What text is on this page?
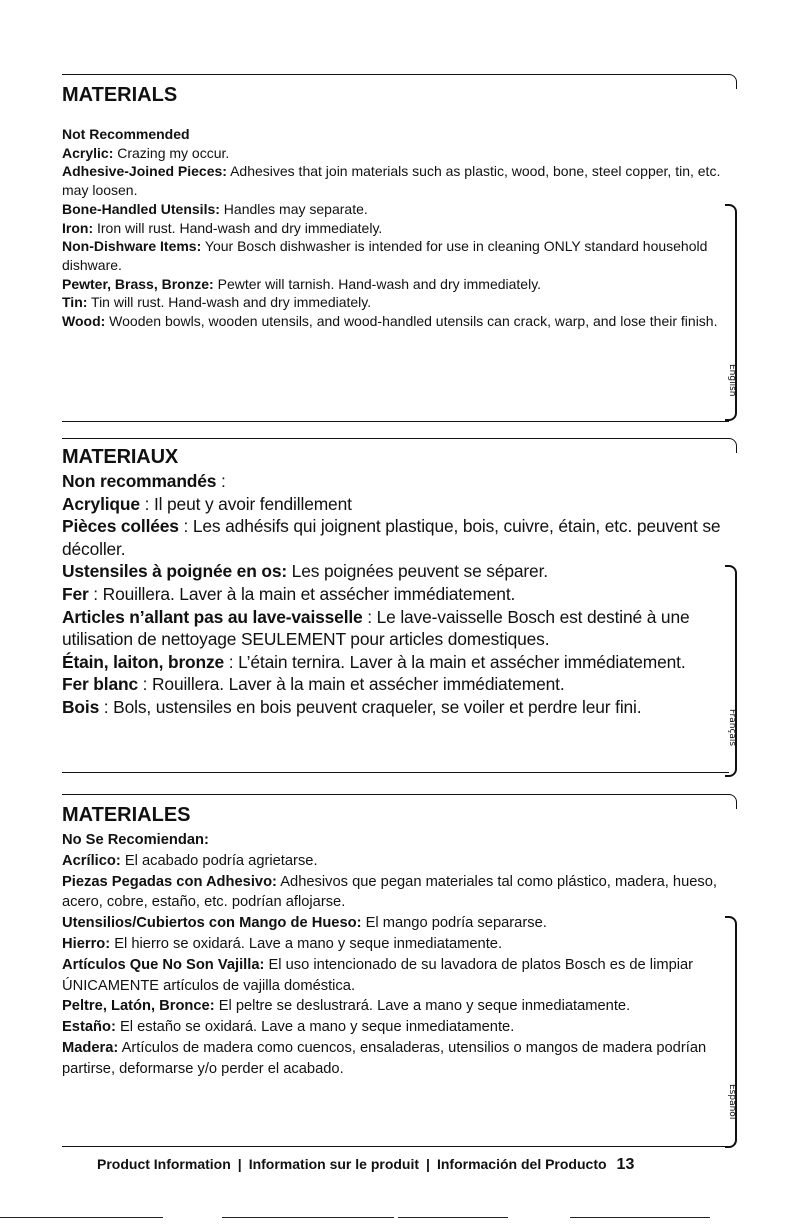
MATERIALS

Not Recommended

Acrylic: Crazing my occur.

Adhesive-Joined Pieces: Adhesives that join materials such as plastic, wood, bone, steel copper, tin, etc. may loosen.

Bone-Handled Utensils: Handles may separate.

Iron: Iron will rust. Hand-wash and dry immediately.

Non-Dishware Items: Your Bosch dishwasher is intended for use in cleaning ONLY standard household dishware.

Pewter, Brass, Bronze: Pewter will tarnish. Hand-wash and dry immediately.

Tin: Tin will rust. Hand-wash and dry immediately.

Wood: Wooden bowls, wooden utensils, and wood-handled utensils can crack, warp, and lose their finish.

English
MATERIAUX

Non recommandés :

Acrylique : Il peut y avoir fendillement

Pièces collées : Les adhésifs qui joignent plastique, bois, cuivre, étain, etc. peuvent se décoller.

Ustensiles à poignée en os: Les poignées peuvent se séparer.

Fer : Rouillera. Laver à la main et assécher immédiatement.

Articles n’allant pas au lave-vaisselle : Le lave-vaisselle Bosch est destiné à une utilisation de nettoyage SEULEMENT pour articles domestiques.

Étain, laiton, bronze : L’étain ternira. Laver à la main et assécher immédiatement.

Fer blanc : Rouillera. Laver à la main et assécher immédiatement.

Bois : Bols, ustensiles en bois peuvent craqueler, se voiler et perdre leur fini.

Français
MATERIALES

No Se Recomiendan:

Acrílico: El acabado podría agrietarse.

Piezas Pegadas con Adhesivo: Adhesivos que pegan materiales tal como plástico, madera, hueso, acero, cobre, estaño, etc. podrían aflojarse.

Utensilios/Cubiertos con Mango de Hueso: El mango podría separarse.

Hierro: El hierro se oxidará. Lave a mano y seque inmediatamente.

Artículos Que No Son Vajilla: El uso intencionado de su lavadora de platos Bosch es de limpiar ÚNICAMENTE artículos de vajilla doméstica.

Peltre, Latón, Bronce: El peltre se deslustrará. Lave a mano y seque inmediatamente.

Estaño: El estaño se oxidará. Lave a mano y seque inmediatamente.

Madera: Artículos de madera como cuencos, ensaladeras, utensilios o mangos de madera podrían partirse, deformarse y/o perder el acabado.

Español
Product Information | Information sur le produit | Información del Producto 13
